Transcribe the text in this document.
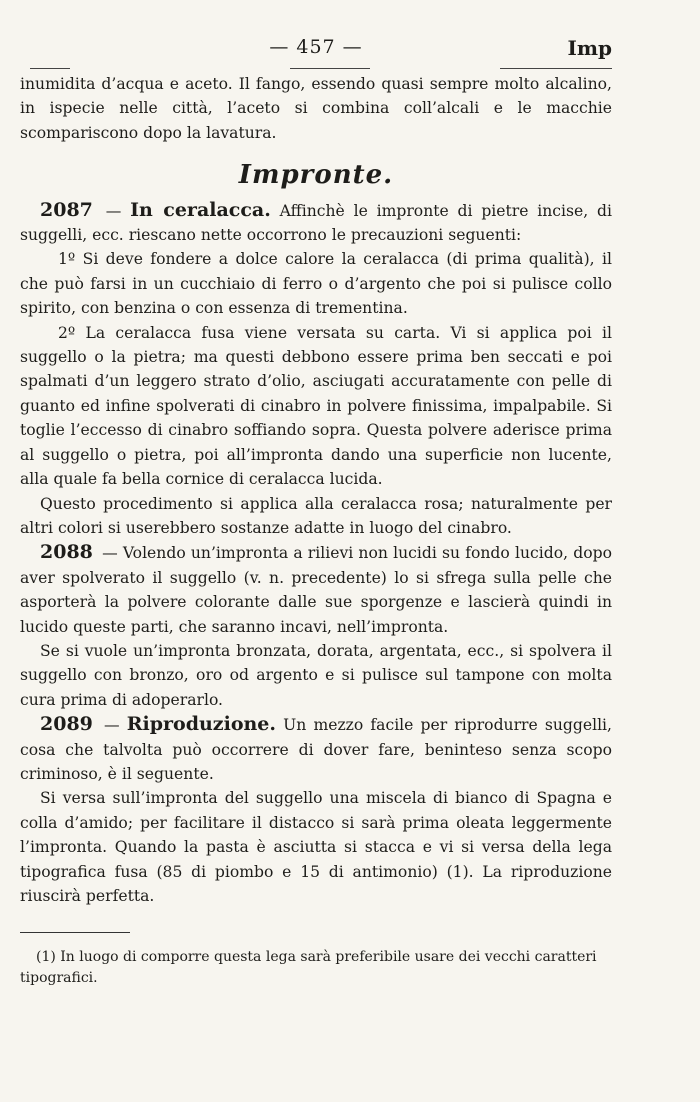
— 457 —	Imp

inumidita d’acqua e aceto. Il fango, essendo quasi sempre molto alcalino, in ispecie nelle città, l’aceto si combina coll’alcali e le macchie scompariscono dopo la lavatura.

Impronte.

2087 — In ceralacca. Affinchè le impronte di pietre incise, di suggelli, ecc. riescano nette occorrono le precauzioni seguenti:

1º Si deve fondere a dolce calore la ceralacca (di prima qualità), il che può farsi in un cucchiaio di ferro o d’argento che poi si pulisce collo spirito, con benzina o con essenza di trementina.

2º La ceralacca fusa viene versata su carta. Vi si applica poi il suggello o la pietra; ma questi debbono essere prima ben seccati e poi spalmati d’un leggero strato d’olio, asciugati accuratamente con pelle di guanto ed infine spolverati di cinabro in polvere finissima, impalpabile. Si toglie l’eccesso di cinabro soffiando sopra. Questa polvere aderisce prima al suggello o pietra, poi all’impronta dando una superficie non lucente, alla quale fa bella cornice di ceralacca lucida.

Questo procedimento si applica alla ceralacca rosa; naturalmente per altri colori si userebbero sostanze adatte in luogo del cinabro.

2088 — Volendo un’impronta a rilievi non lucidi su fondo lucido, dopo aver spolverato il suggello (v. n. precedente) lo si sfrega sulla pelle che asporterà la polvere colorante dalle sue sporgenze e lascierà quindi in lucido queste parti, che saranno incavi, nell’impronta.

Se si vuole un’impronta bronzata, dorata, argentata, ecc., si spolvera il suggello con bronzo, oro od argento e si pulisce sul tampone con molta cura prima di adoperarlo.

2089 — Riproduzione. Un mezzo facile per riprodurre suggelli, cosa che talvolta può occorrere di dover fare, beninteso senza scopo criminoso, è il seguente.

Si versa sull’impronta del suggello una miscela di bianco di Spagna e colla d’amido; per facilitare il distacco si sarà prima oleata leggermente l’impronta. Quando la pasta è asciutta si stacca e vi si versa della lega tipografica fusa (85 di piombo e 15 di antimonio) (1). La riproduzione riuscirà perfetta.

(1) In luogo di comporre questa lega sarà preferibile usare dei vecchi caratteri tipografici.
